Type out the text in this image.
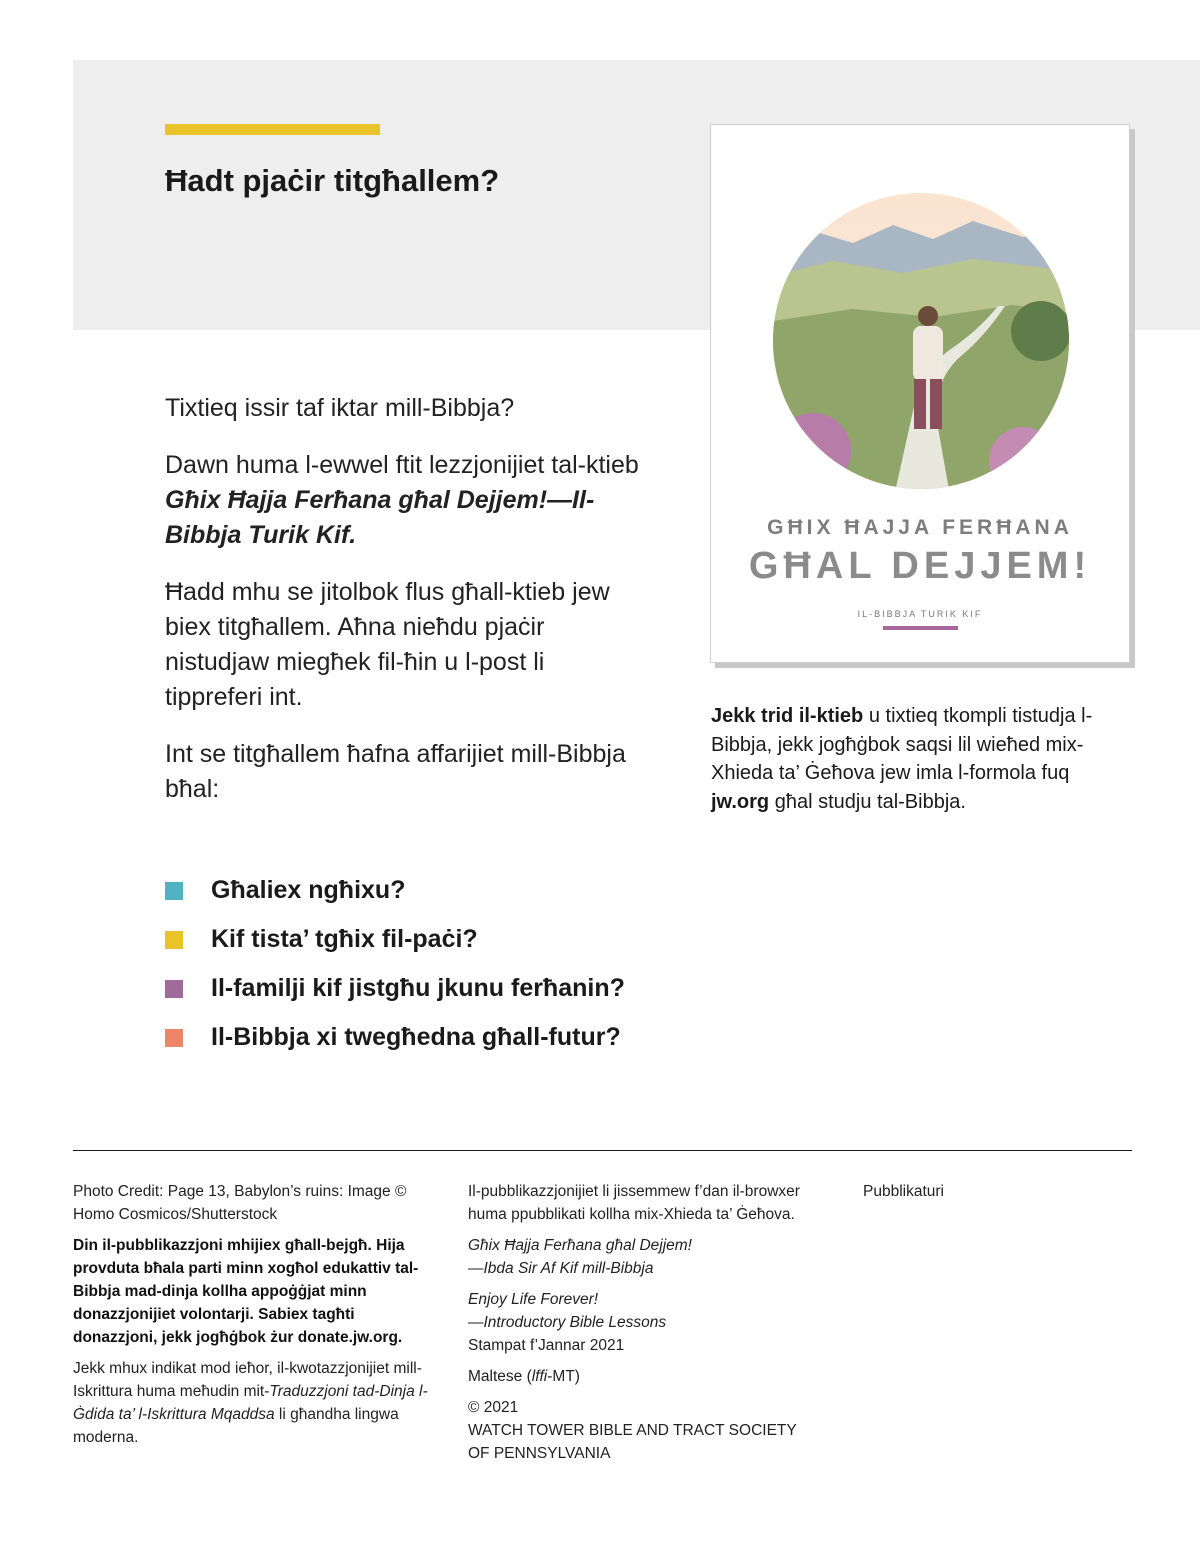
Ħadt pjaċir titgħallem?

Tixtieq issir taf iktar mill-Bibbja?

Dawn huma l-ewwel ftit lezzjonijiet tal-ktieb Għix Ħajja Ferħana għal Dejjem!—Il-Bibbja Turik Kif.

Ħadd mhu se jitolbok flus għall-ktieb jew biex titgħallem. Aħna nieħdu pjaċir nistudjaw miegħek fil-ħin u l-post li tippreferi int.

Int se titgħallem ħafna affarijiet mill-Bibbja bħal:

Għaliex ngħixu?
Kif tista’ tgħix fil-paċi?
Il-familji kif jistgħu jkunu ferħanin?
Il-Bibbja xi twegħedna għall-futur?
GĦIX ĦAJJA FERĦANA
GĦAL DEJJEM!
IL-BIBBJA TURIK KIF
Jekk trid il-ktieb u tixtieq tkompli tistudja l-Bibbja, jekk jogħġbok saqsi lil wieħed mix-Xhieda ta’ Ġeħova jew imla l-formola fuq jw.org għal studju tal-Bibbja.

Photo Credit: Page 13, Babylon’s ruins: Image © Homo Cosmicos/Shutterstock

Din il-pubblikazzjoni mhijiex għall-bejgħ. Hija provduta bħala parti minn xogħol edukattiv tal-Bibbja mad-dinja kollha appoġġjat minn donazzjonijiet volontarji. Sabiex tagħti donazzjoni, jekk jogħġbok żur donate.jw.org.

Jekk mhux indikat mod ieħor, il-kwotazzjonijiet mill-Iskrittura huma meħudin mit-Traduzzjoni tad-Dinja l-Ġdida ta’ l-Iskrittura Mqaddsa li għandha lingwa moderna.

Il-pubblikazzjonijiet li jissemmew f’dan il-browxer huma ppubblikati kollha mix-Xhieda ta’ Ġeħova.

Għix Ħajja Ferħana għal Dejjem!
—Ibda Sir Af Kif mill-Bibbja

Enjoy Life Forever!
—Introductory Bible Lessons
Stampat f’Jannar 2021

Maltese (lffi-MT)

© 2021
WATCH TOWER BIBLE AND TRACT SOCIETY
OF PENNSYLVANIA

Pubblikaturi
